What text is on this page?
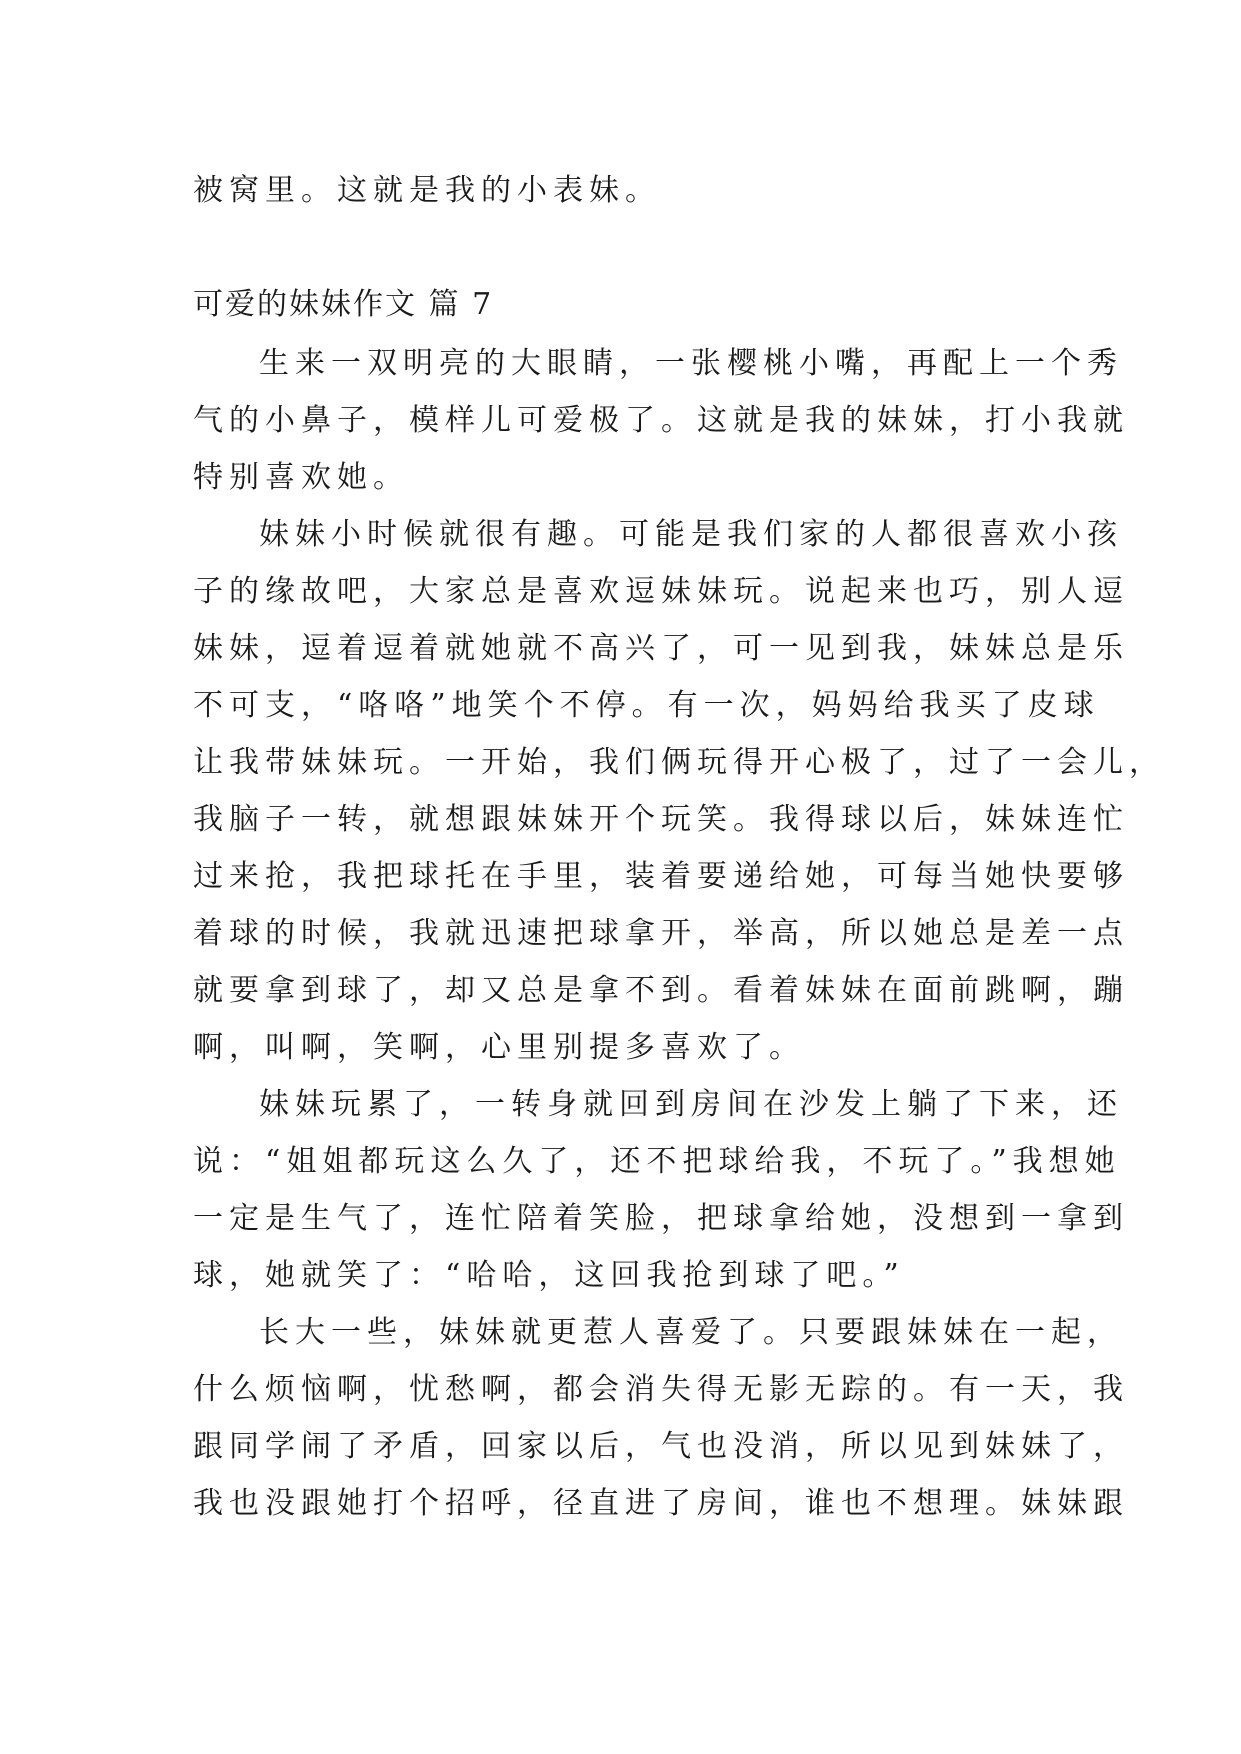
被窝里。这就是我的小表妹。
可爱的妹妹作文 篇 7
生来一双明亮的大眼睛，一张樱桃小嘴，再配上一个秀
气的小鼻子，模样儿可爱极了。这就是我的妹妹，打小我就
特别喜欢她。
妹妹小时候就很有趣。可能是我们家的人都很喜欢小孩
子的缘故吧，大家总是喜欢逗妹妹玩。说起来也巧，别人逗
妹妹，逗着逗着就她就不高兴了，可一见到我，妹妹总是乐
不可支，“咯咯”地笑个不停。有一次，妈妈给我买了皮球
让我带妹妹玩。一开始，我们俩玩得开心极了，过了一会儿，
我脑子一转，就想跟妹妹开个玩笑。我得球以后，妹妹连忙
过来抢，我把球托在手里，装着要递给她，可每当她快要够
着球的时候，我就迅速把球拿开，举高，所以她总是差一点
就要拿到球了，却又总是拿不到。看着妹妹在面前跳啊，蹦
啊，叫啊，笑啊，心里别提多喜欢了。
妹妹玩累了，一转身就回到房间在沙发上躺了下来，还
说：“姐姐都玩这么久了，还不把球给我，不玩了。”我想她
一定是生气了，连忙陪着笑脸，把球拿给她，没想到一拿到
球，她就笑了：“哈哈，这回我抢到球了吧。”
长大一些，妹妹就更惹人喜爱了。只要跟妹妹在一起，
什么烦恼啊，忧愁啊，都会消失得无影无踪的。有一天，我
跟同学闹了矛盾，回家以后，气也没消，所以见到妹妹了，
我也没跟她打个招呼，径直进了房间，谁也不想理。妹妹跟
